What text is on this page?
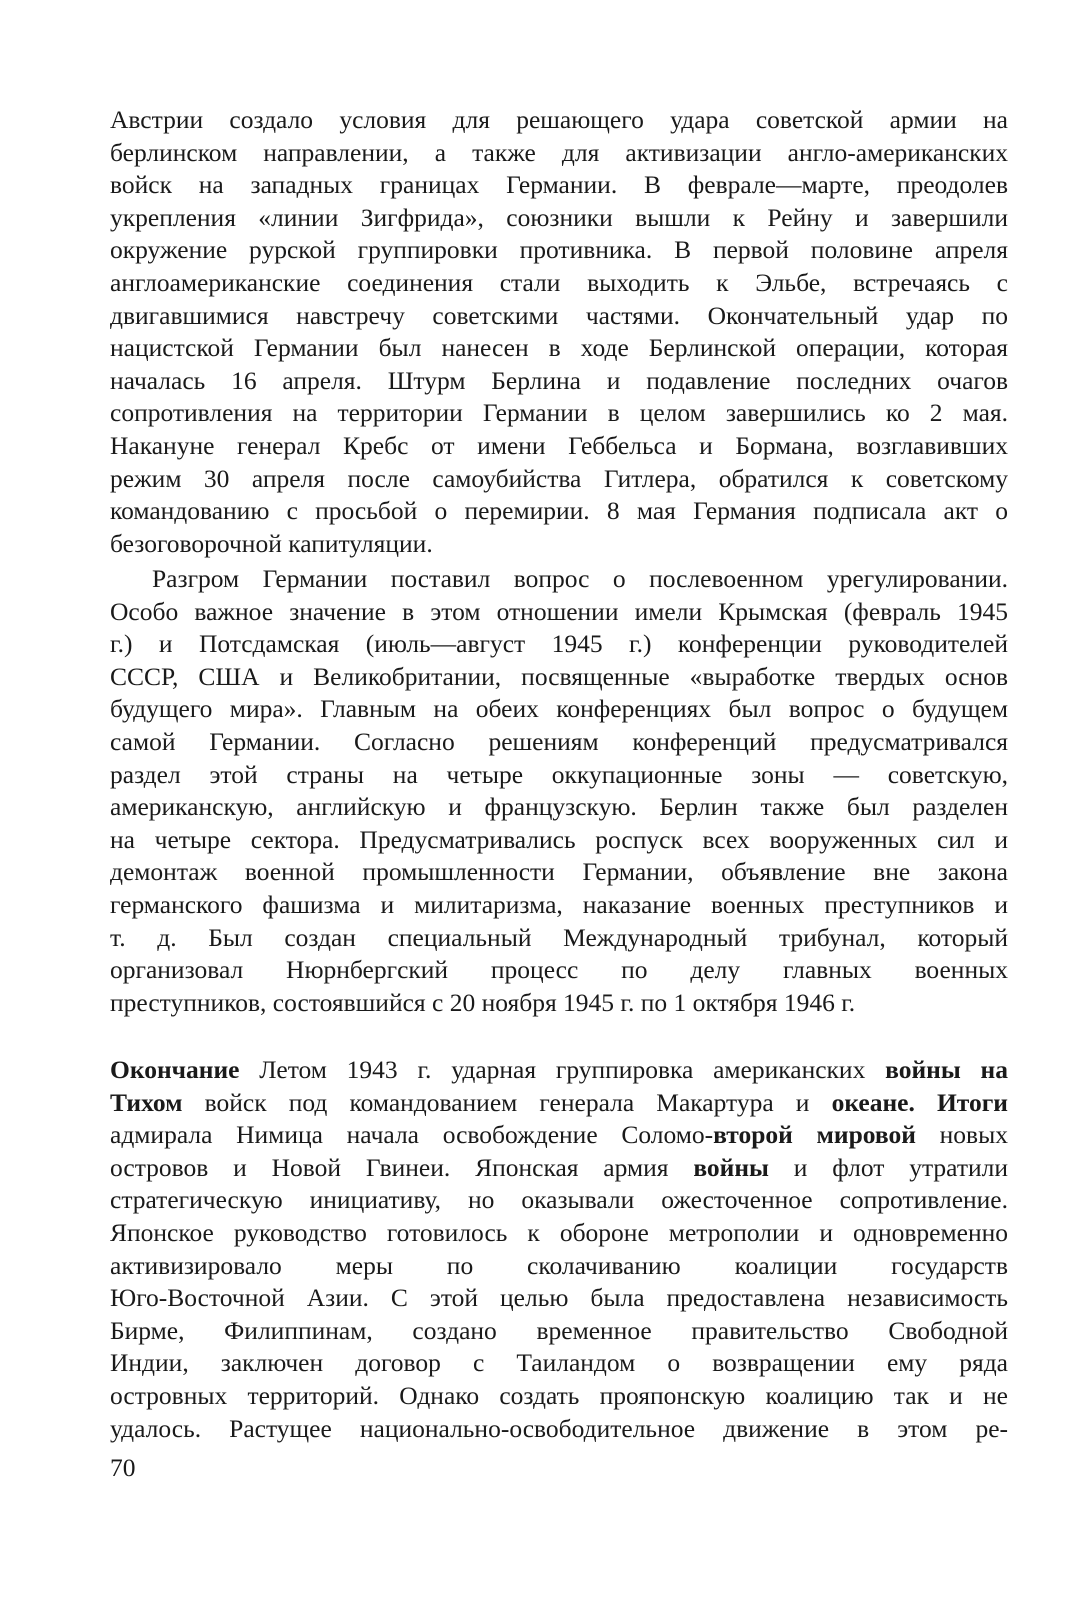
Австрии создало условия для решающего удара советской армии на
берлинском направлении, а также для активизации англо-американских
войск на западных границах Германии. В феврале—марте, преодолев
укрепления «линии Зигфрида», союзники вышли к Рейну и завершили
окружение рурской группировки противника. В первой половине апреля
англоамериканские соединения стали выходить к Эльбе, встречаясь с
двигавшимися навстречу советскими частями. Окончательный удар по
нацистской Германии был нанесен в ходе Берлинской операции, которая
началась 16 апреля. Штурм Берлина и подавление последних очагов
сопротивления на территории Германии в целом завершились ко 2 мая.
Накануне генерал Кребс от имени Геббельса и Бормана, возглавивших
режим 30 апреля после самоубийства Гитлера, обратился к советскому
командованию с просьбой о перемирии. 8 мая Германия подписала акт о
безоговорочной капитуляции.
Разгром Германии поставил вопрос о послевоенном урегулировании.
Особо важное значение в этом отношении имели Крымская (февраль 1945
г.) и Потсдамская (июль—август 1945 г.) конференции руководителей
СССР, США и Великобритании, посвященные «выработке твердых основ
будущего мира». Главным на обеих конференциях был вопрос о будущем
самой Германии. Согласно решениям конференций предусматривался
раздел этой страны на четыре оккупационные зоны — советскую,
американскую, английскую и французскую. Берлин также был разделен
на четыре сектора. Предусматривались роспуск всех вооруженных сил и
демонтаж военной промышленности Германии, объявление вне закона
германского фашизма и милитаризма, наказание военных преступников и
т. д. Был создан специальный Международный трибунал, который
организовал Нюрнбергский процесс по делу главных военных
преступников, состоявшийся с 20 ноября 1945 г. по 1 октября 1946 г.
Окончание Летом 1943 г. ударная группировка американских войны на
Тихом войск под командованием генерала Макартура и океане. Итоги
адмирала Нимица начала освобождение Соломо-второй мировой новых
островов и Новой Гвинеи. Японская армия войны и флот утратили
стратегическую инициативу, но оказывали ожесточенное сопротивление.
Японское руководство готовилось к обороне метрополии и одновременно
активизировало меры по сколачиванию коалиции государств
Юго-Восточной Азии. С этой целью была предоставлена независимость
Бирме, Филиппинам, создано временное правительство Свободной
Индии, заключен договор с Таиландом о возвращении ему ряда
островных территорий. Однако создать прояпонскую коалицию так и не
удалось. Растущее национально-освободительное движение в этом ре-
70
